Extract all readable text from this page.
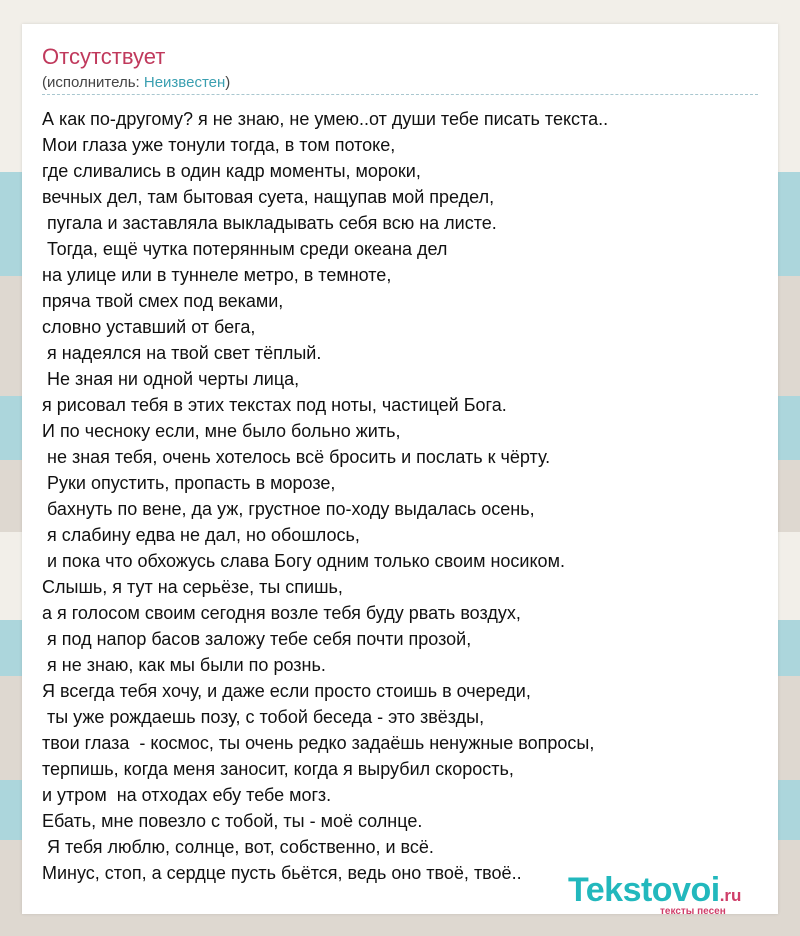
Отсутствует
(исполнитель: Неизвестен)
А как по-другому? я не знаю, не умею..от души тебе писать текста..
Мои глаза уже тонули тогда, в том потоке,
где сливались в один кадр моменты, мороки,
вечных дел, там бытовая суета, нащупав мой предел,
пугала и заставляла выкладывать себя всю на листе.
Тогда, ещё чутка потерянным среди океана дел
на улице или в туннеле метро, в темноте,
пряча твой смех под веками,
словно уставший от бега,
я надеялся на твой свет тёплый.
Не зная ни одной черты лица,
я рисовал тебя в этих текстах под ноты, частицей Бога.
И по чесноку если, мне было больно жить,
не зная тебя, очень хотелось всё бросить и послать к чёрту.
Руки опустить, пропасть в морозе,
бахнуть по вене, да уж, грустное по-ходу выдалась осень,
я слабину едва не дал, но обошлось,
и пока что обхожусь слава Богу одним только своим носиком.
Слышь, я тут на серьёзе, ты спишь,
а я голосом своим сегодня возле тебя буду рвать воздух,
я под напор басов заложу тебе себя почти прозой,
я не знаю, как мы были по рознь.
Я всегда тебя хочу, и даже если просто стоишь в очереди,
ты уже рождаешь позу, с тобой беседа - это звёзды,
твои глаза  - космос, ты очень редко задаёшь ненужные вопросы,
терпишь, когда меня заносит, когда я вырубил скорость,
и утром  на отходах ебу тебе могз.
Ебать, мне повезло с тобой, ты - моё солнце.
Я тебя люблю, солнце, вот, собственно, и всё.
Минус, стоп, а сердце пусть бьётся, ведь оно твоё, твоё..	Tekstovoi.ru
тексты песен
